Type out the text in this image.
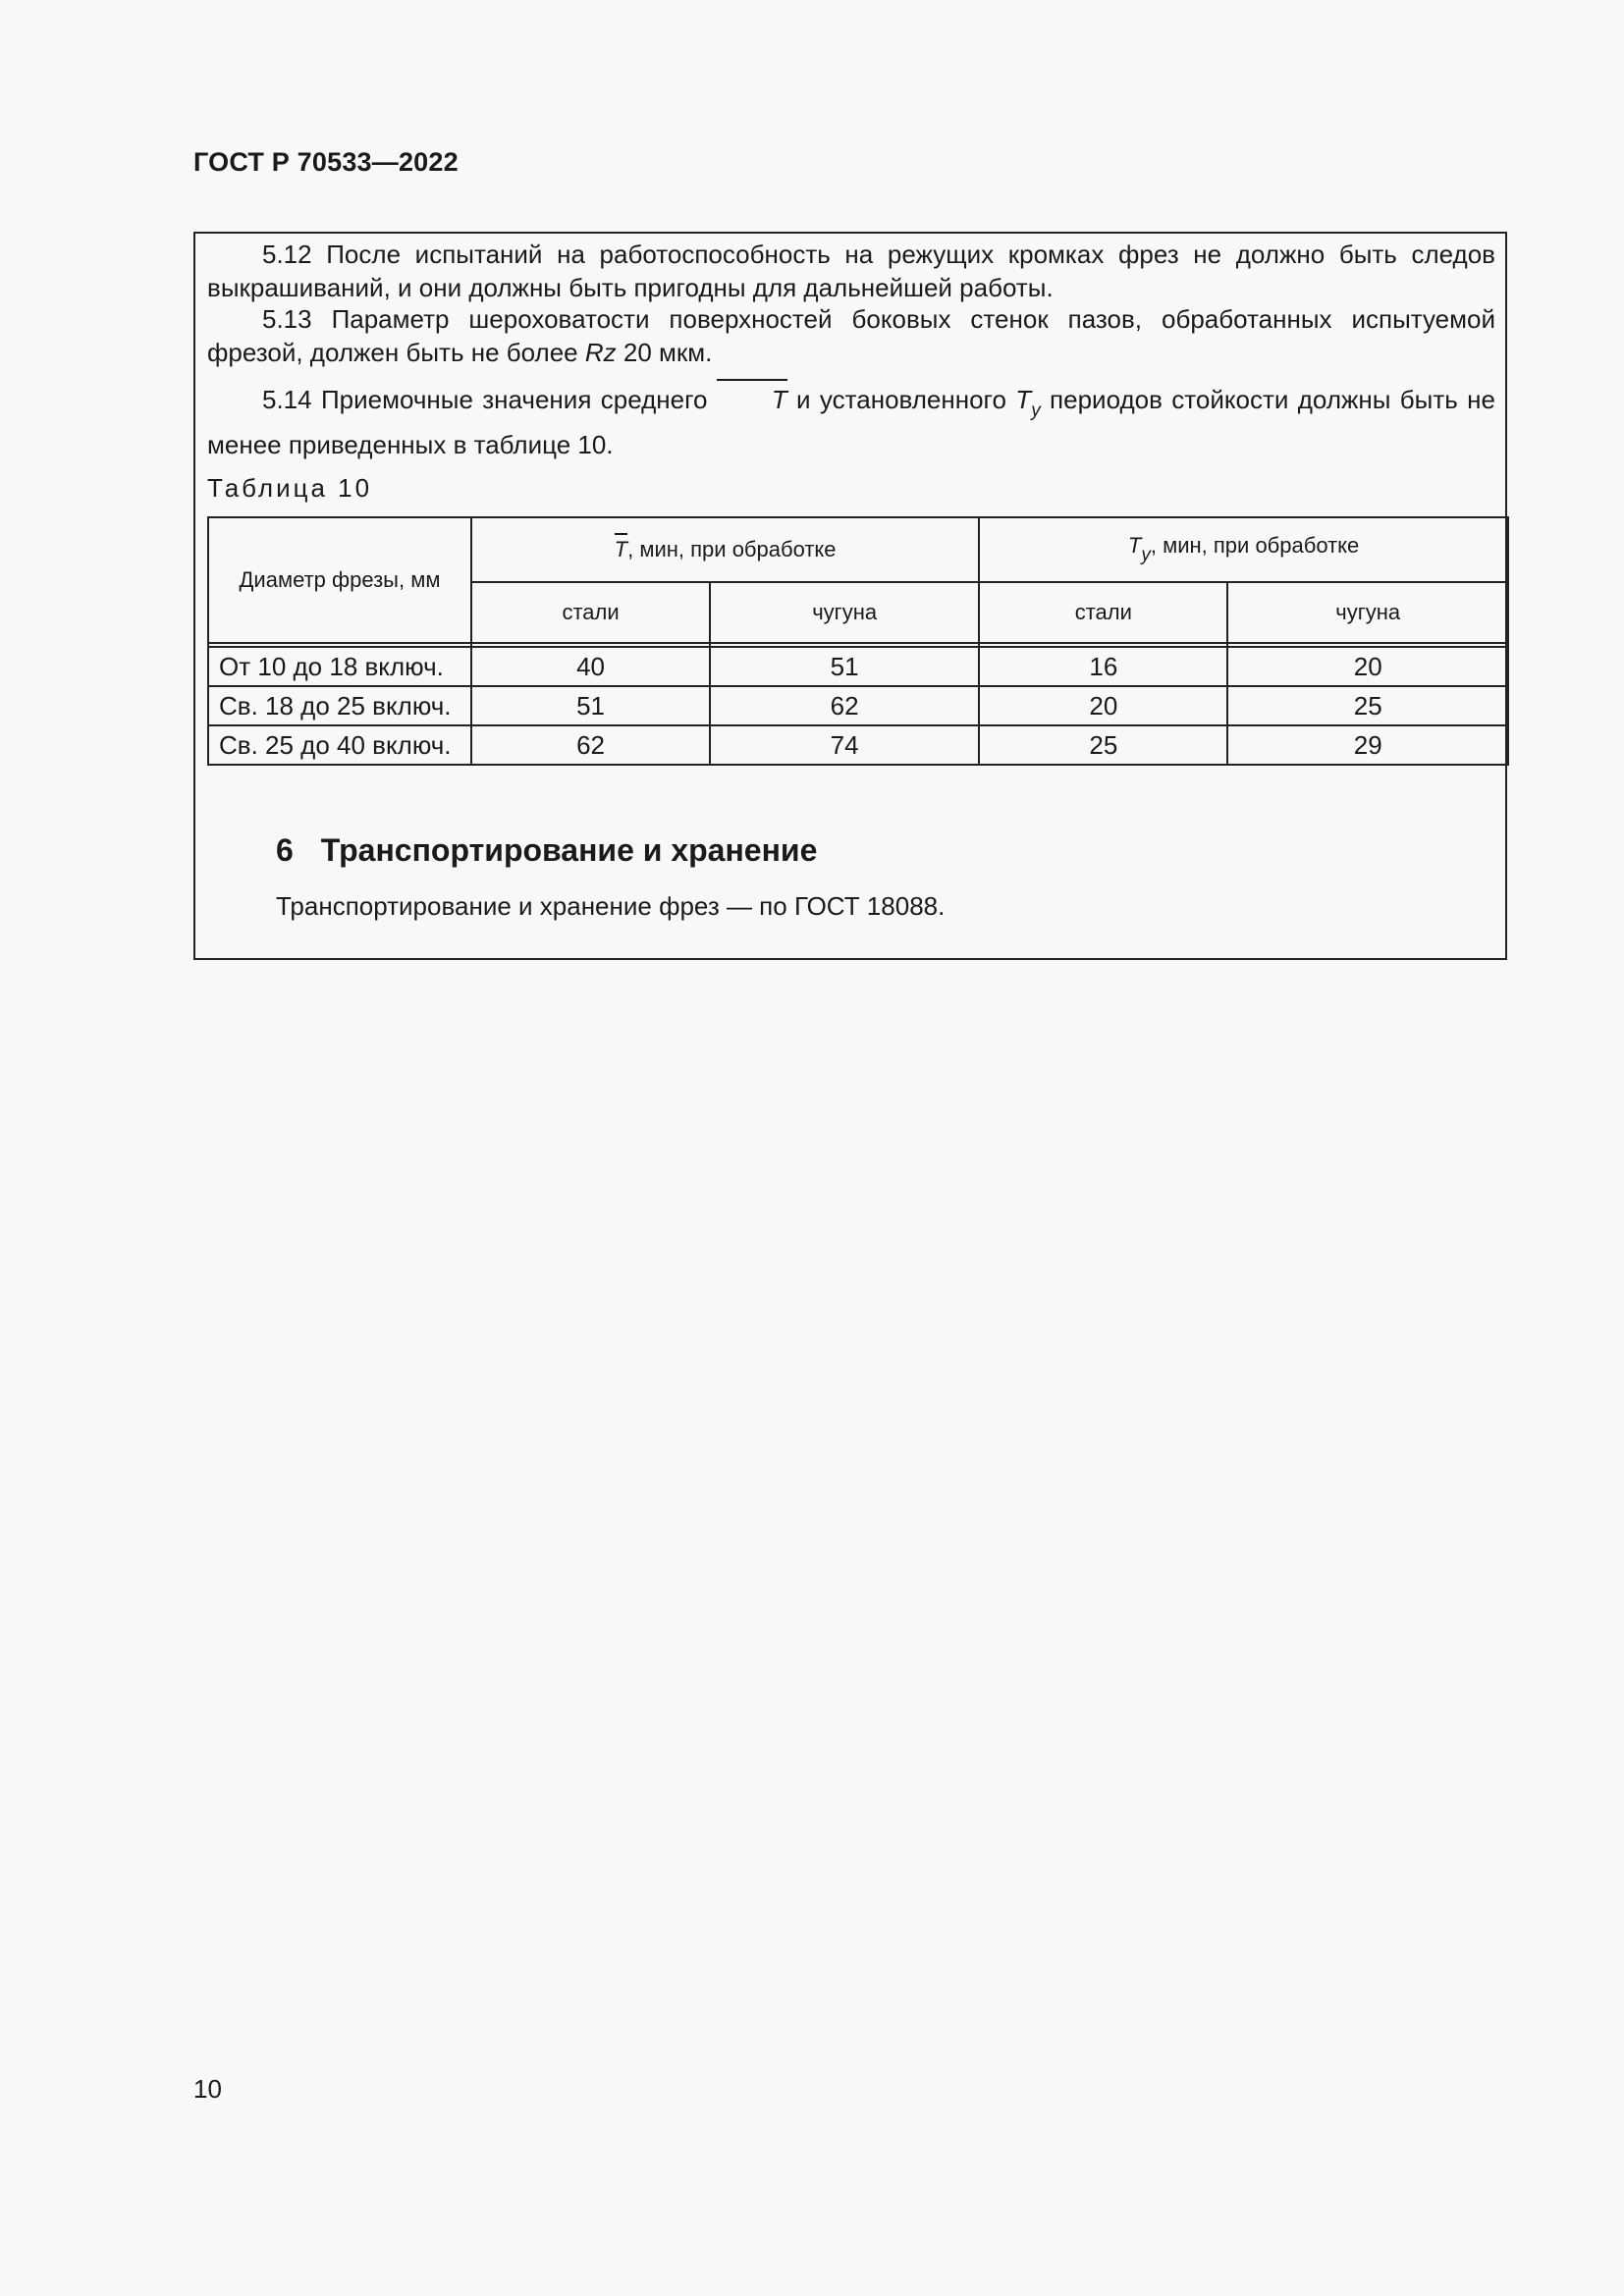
ГОСТ Р 70533—2022
5.12 После испытаний на работоспособность на режущих кромках фрез не должно быть следов выкрашиваний, и они должны быть пригодны для дальнейшей работы.
5.13 Параметр шероховатости поверхностей боковых стенок пазов, обработанных испытуемой фрезой, должен быть не более Rz 20 мкм.
5.14 Приемочные значения среднего T и установленного $T_y$ периодов стойкости должны быть не менее приведенных в таблице 10.
Таблица 10
Диаметр фрезы, мм	T, мин, при обработке		Ty, мин, при обработке	
	стали	чугуна	стали	чугуна

От 10 до 18 включ.	40	51	16	20
Св. 18 до 25 включ.	51	62	20	25
Св. 25 до 40 включ.	62	74	25	29
6 Транспортирование и хранение
Транспортирование и хранение фрез — по ГОСТ 18088.
10
